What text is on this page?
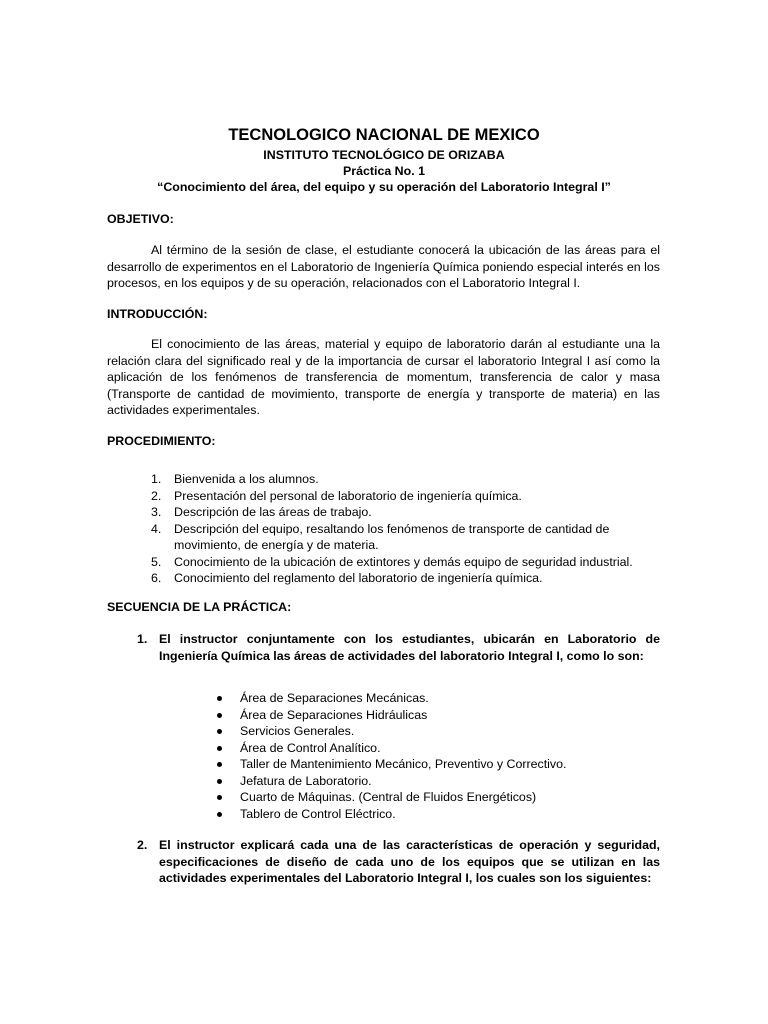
TECNOLOGICO NACIONAL DE MEXICO
INSTITUTO TECNOLÓGICO DE ORIZABA
Práctica No. 1
“Conocimiento del área, del equipo y su operación del Laboratorio Integral I”
OBJETIVO:
Al término de la sesión de clase, el estudiante conocerá la ubicación de las áreas para el desarrollo de experimentos en el Laboratorio de Ingeniería Química poniendo especial interés en los procesos, en los equipos y de su operación, relacionados con el Laboratorio Integral I.
INTRODUCCIÓN:
El conocimiento de las áreas, material y equipo de laboratorio darán al estudiante una la relación clara del significado real y de la importancia de cursar el laboratorio Integral I así como la aplicación de los fenómenos de transferencia de momentum, transferencia de calor y masa (Transporte de cantidad de movimiento, transporte de energía y transporte de materia) en las actividades experimentales.
PROCEDIMIENTO:
1. Bienvenida a los alumnos.
2. Presentación del personal de laboratorio de ingeniería química.
3. Descripción de las áreas de trabajo.
4. Descripción del equipo, resaltando los fenómenos de transporte de cantidad de movimiento, de energía y de materia.
5. Conocimiento de la ubicación de extintores y demás equipo de seguridad industrial.
6. Conocimiento del reglamento del laboratorio de ingeniería química.
SECUENCIA DE LA PRÁCTICA:
1. El instructor conjuntamente con los estudiantes, ubicarán en Laboratorio de Ingeniería Química las áreas de actividades del laboratorio Integral I, como lo son:
Área de Separaciones Mecánicas.
Área de Separaciones Hidráulicas
Servicios Generales.
Área de Control Analítico.
Taller de Mantenimiento Mecánico, Preventivo y Correctivo.
Jefatura de Laboratorio.
Cuarto de Máquinas. (Central de Fluidos Energéticos)
Tablero de Control Eléctrico.
2. El instructor explicará cada una de las características de operación y seguridad, especificaciones de diseño de cada uno de los equipos que se utilizan en las actividades experimentales del Laboratorio Integral I, los cuales son los siguientes:
